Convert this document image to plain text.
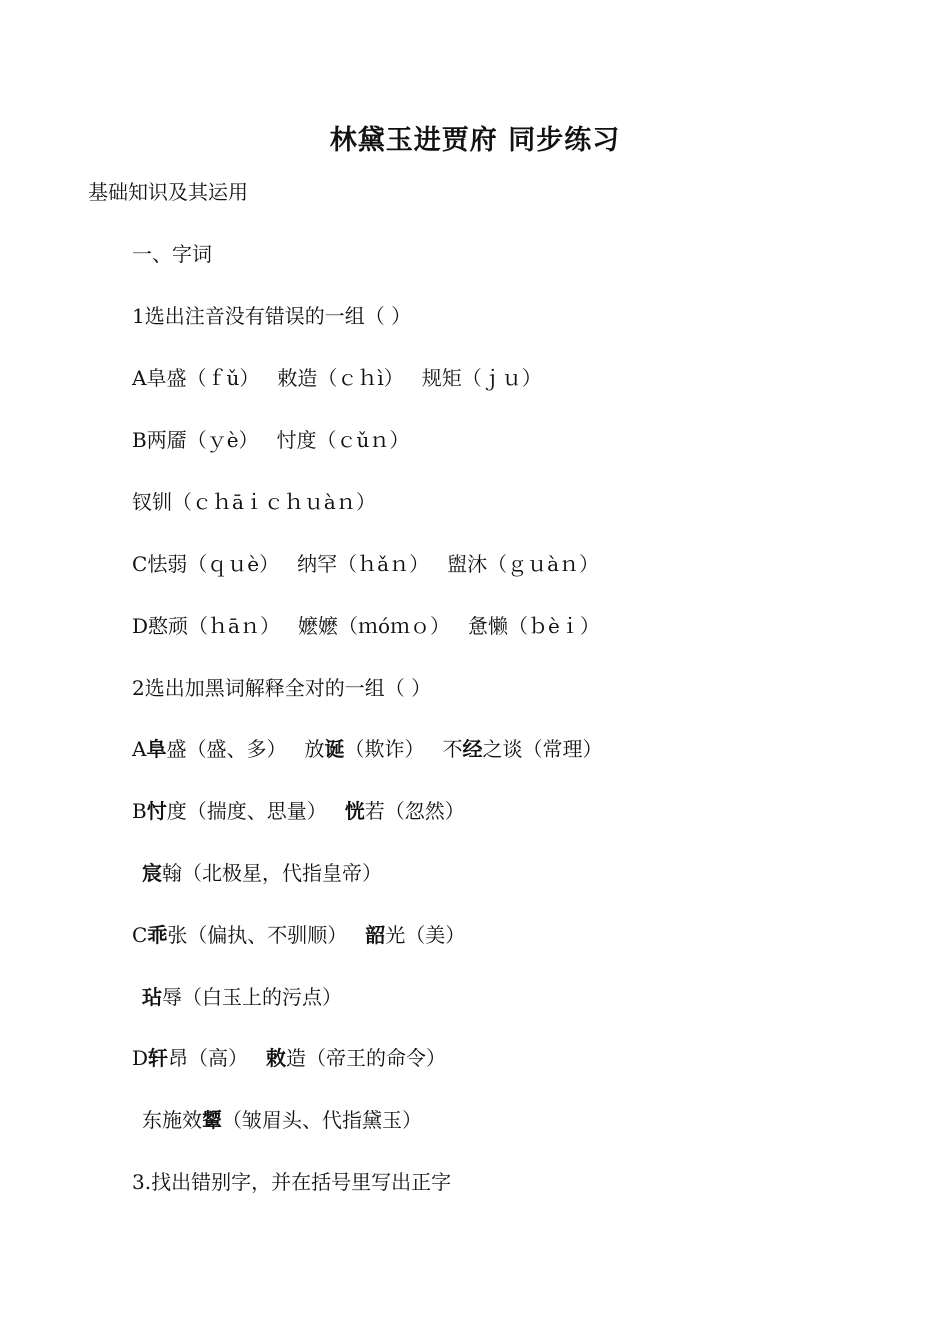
林黛玉进贾府 同步练习
基础知识及其运用
一、字词
1选出注音没有错误的一组（ ）
A阜盛（ｆǔ） 敕造（ｃｈì） 规矩（ｊｕ）
B两靥（ｙè） 忖度（ｃǔｎ）
钗钏（ｃｈāｉｃｈｕàｎ）
C怯弱（ｑｕè） 纳罕（ｈǎｎ） 盥沐（ｇｕàｎ）
D憨顽（ｈāｎ） 嬷嬷（ｍóｍｏ） 惫懒（ｂèｉ）
2选出加黑词解释全对的一组（ ）
A阜盛（盛、多） 放诞（欺诈） 不经之谈（常理）
B忖度（揣度、思量） 恍若（忽然）
宸翰（北极星，代指皇帝）
C乖张（偏执、不驯顺） 韶光（美）
玷辱（白玉上的污点）
D轩昂（高） 敕造（帝王的命令）
东施效颦（皱眉头、代指黛玉）
3.找出错别字，并在括号里写出正字
